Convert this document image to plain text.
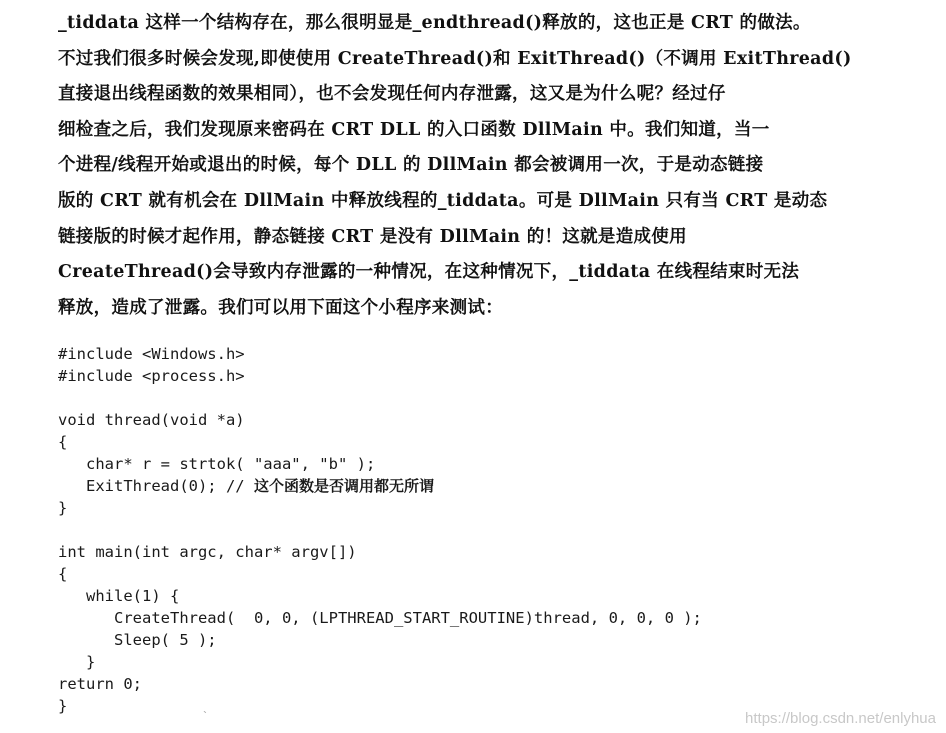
_tiddata 这样一个结构存在，那么很明显是_endthread()释放的，这也正是 CRT 的做法。
不过我们很多时候会发现,即使使用 CreateThread()和 ExitThread()（不调用 ExitThread()
直接退出线程函数的效果相同），也不会发现任何内存泄露，这又是为什么呢？经过仔
细检查之后，我们发现原来密码在 CRT DLL 的入口函数 DllMain 中。我们知道，当一
个进程/线程开始或退出的时候，每个 DLL 的 DllMain 都会被调用一次，于是动态链接
版的 CRT 就有机会在 DllMain 中释放线程的_tiddata。可是 DllMain 只有当 CRT 是动态
链接版的时候才起作用，静态链接 CRT 是没有 DllMain 的！这就是造成使用
CreateThread()会导致内存泄露的一种情况，在这种情况下，_tiddata 在线程结束时无法
释放，造成了泄露。我们可以用下面这个小程序来测试：
#include <Windows.h>
#include <process.h>
void thread(void *a)
{
char* r = strtok( "aaa", "b" );
ExitThread(0); // 这个函数是否调用都无所谓
}
int main(int argc, char* argv[])
{
while(1) {
CreateThread(  0, 0, (LPTHREAD_START_ROUTINE)thread, 0, 0, 0 );
Sleep( 5 );
}
return 0;
}
`	https://blog.csdn.net/enlyhua
